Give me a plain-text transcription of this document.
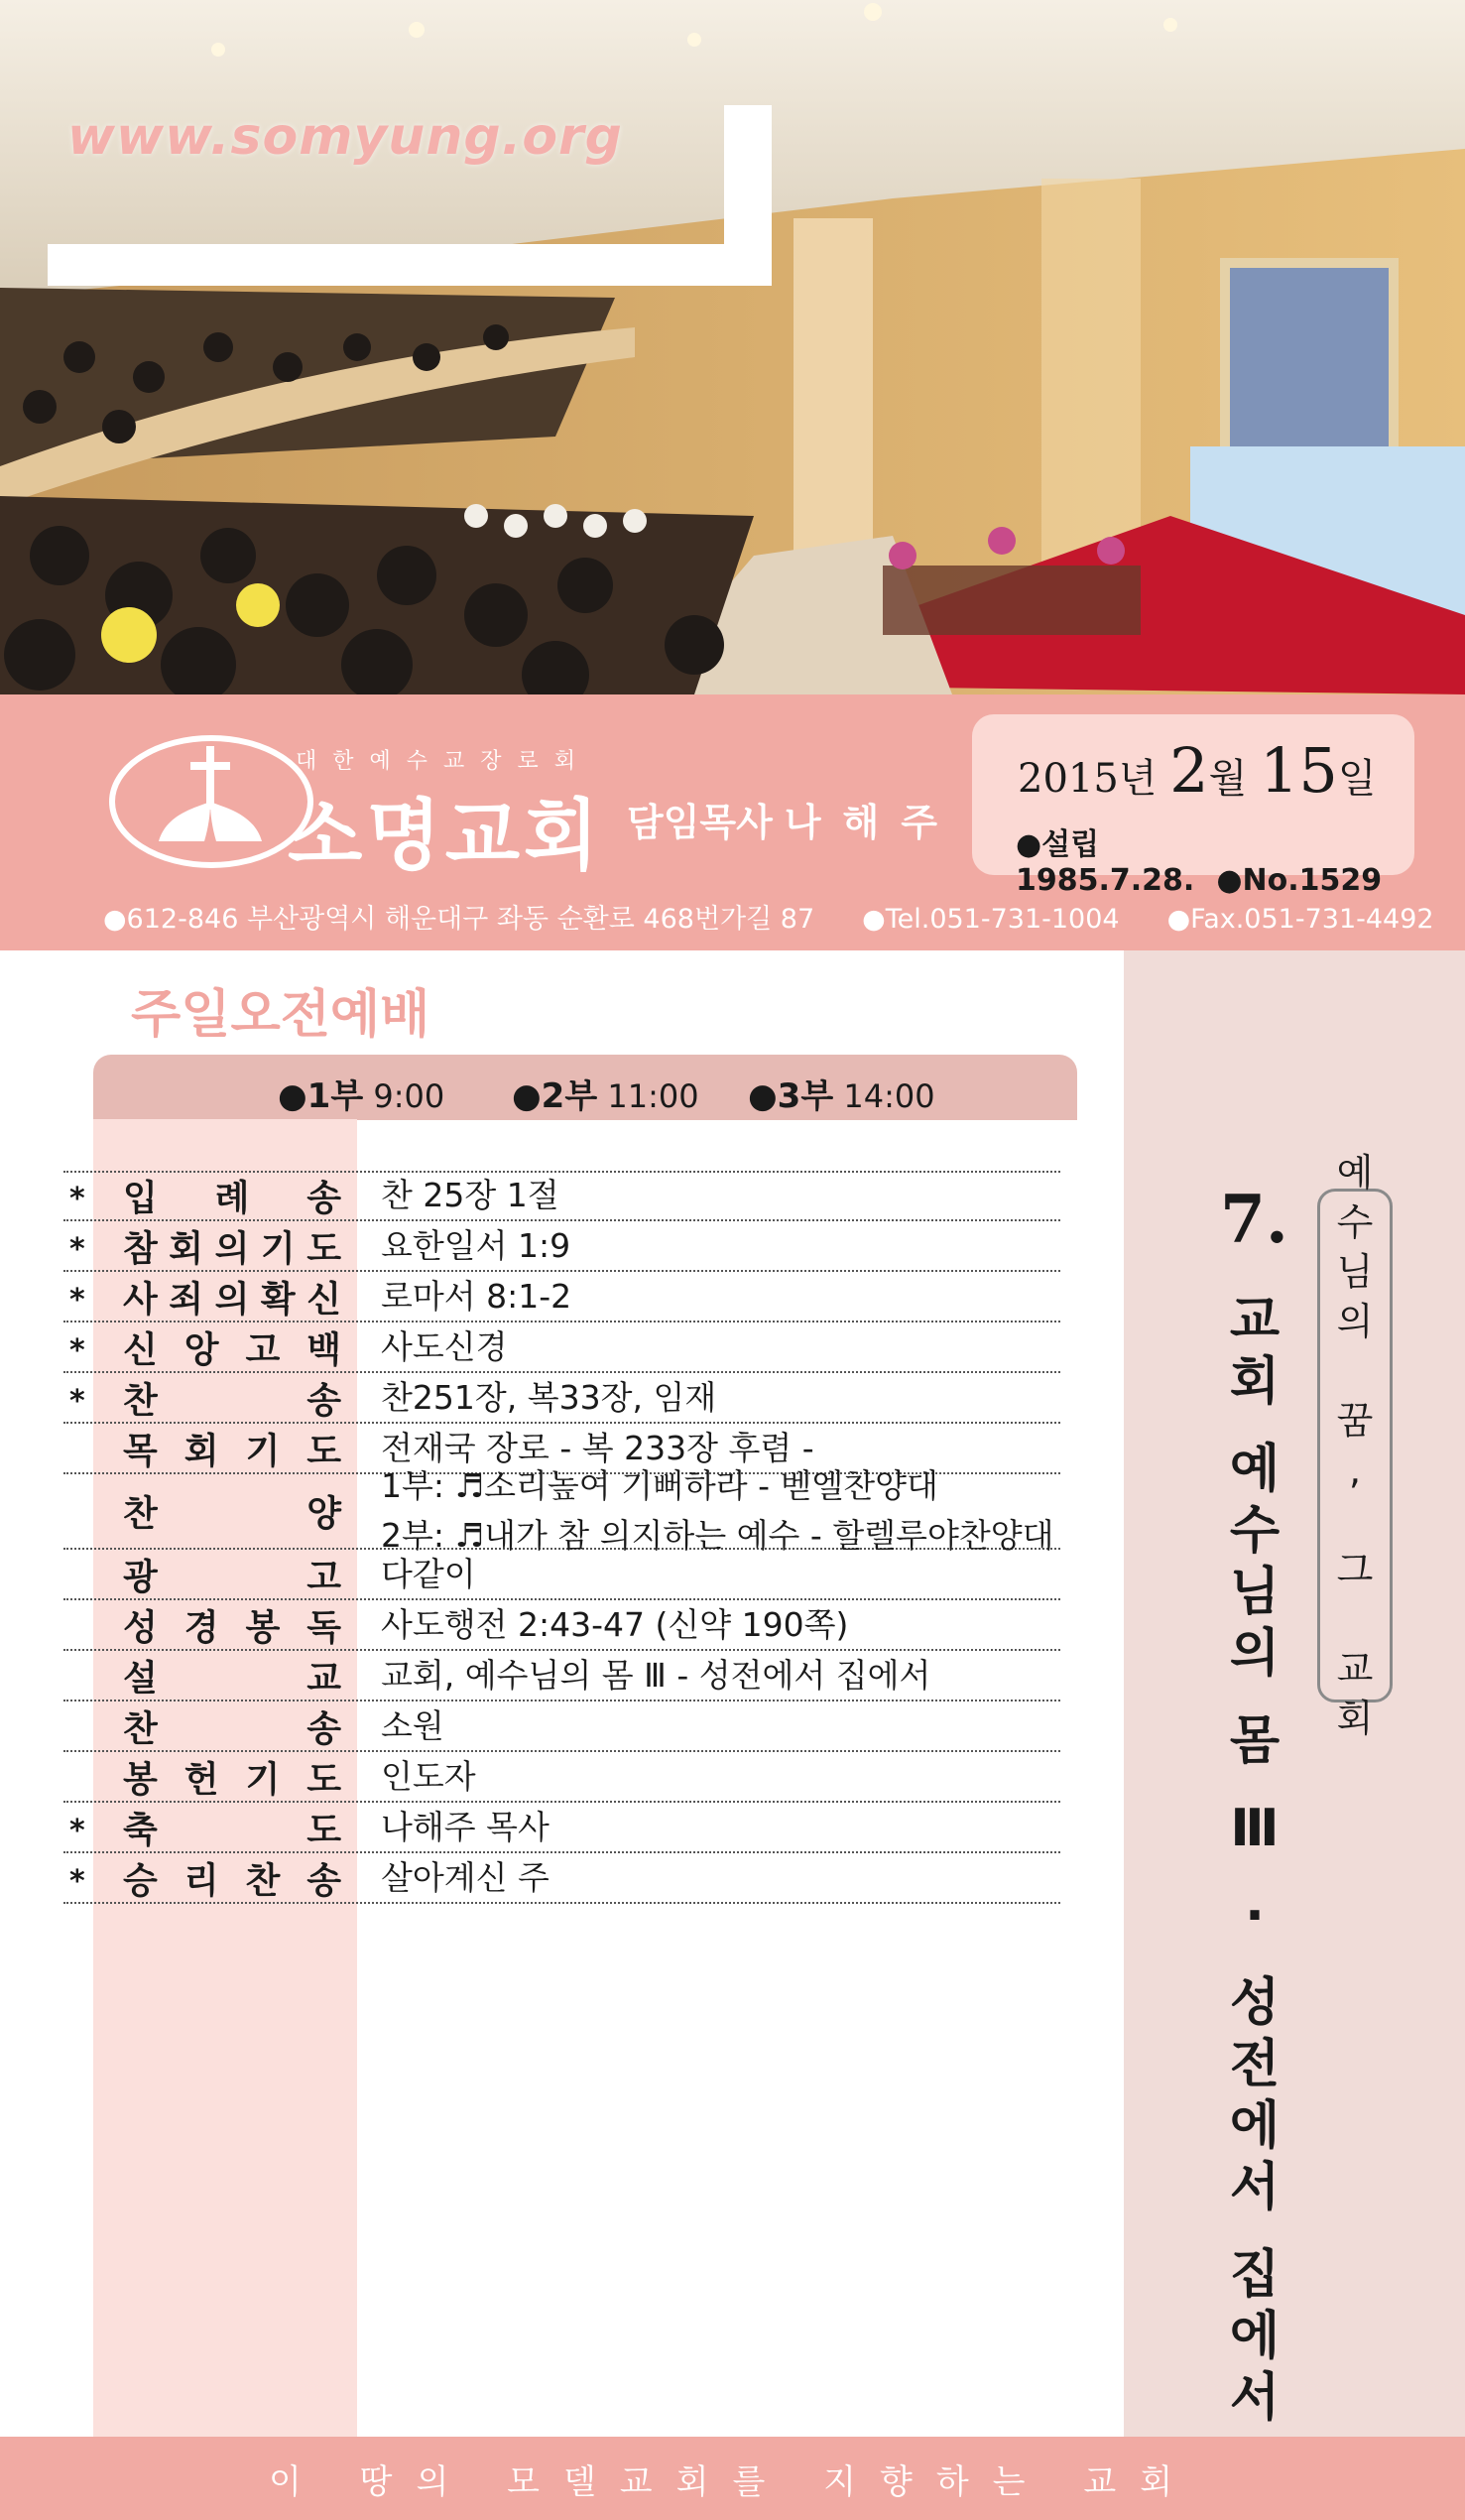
www.somyung.org
대한예수교장로회
소명교회 담임목사 나해주
2015년 2월 15일
●설립1985.7.28. ●No.1529
●612-846 부산광역시 해운대구 좌동 순환로 468번가길 87 ●Tel.051-731-1004 ●Fax.051-731-4492
주일오전예배
●1부 9:00 ●2부 11:00 ●3부 14:00
* 입 례 송 찬 25장 1절
* 참 회 의 기 도 요한일서 1:9
* 사 죄 의 확 신 로마서 8:1-2
* 신 앙 고 백 사도신경
* 찬	송 찬251장, 복33장, 임재
목 회 기 도 전재국 장로 - 복 233장 후렴 -
찬	양
1부: ♬소리높여 기뻐하라 - 벧엘찬양대
2부: ♬내가 참 의지하는 예수 - 할렐루야찬양대
광	고 다같이
성 경 봉 독 사도행전 2:43-47 (신약 190쪽)
설	교 교회, 예수님의 몸 Ⅲ - 성전에서 집에서
찬	송 소원
봉 헌 기 도 인도자
* 축	도 나해주 목사
* 승 리 찬 송 살아계신 주
예
수
님
의

꿈
,

그

교
회
7.
교
회
예
수
님
의
몸
Ⅲ
·
성
전
에
서
집
에
서
이 땅의 모델교회를 지향하는 교회
